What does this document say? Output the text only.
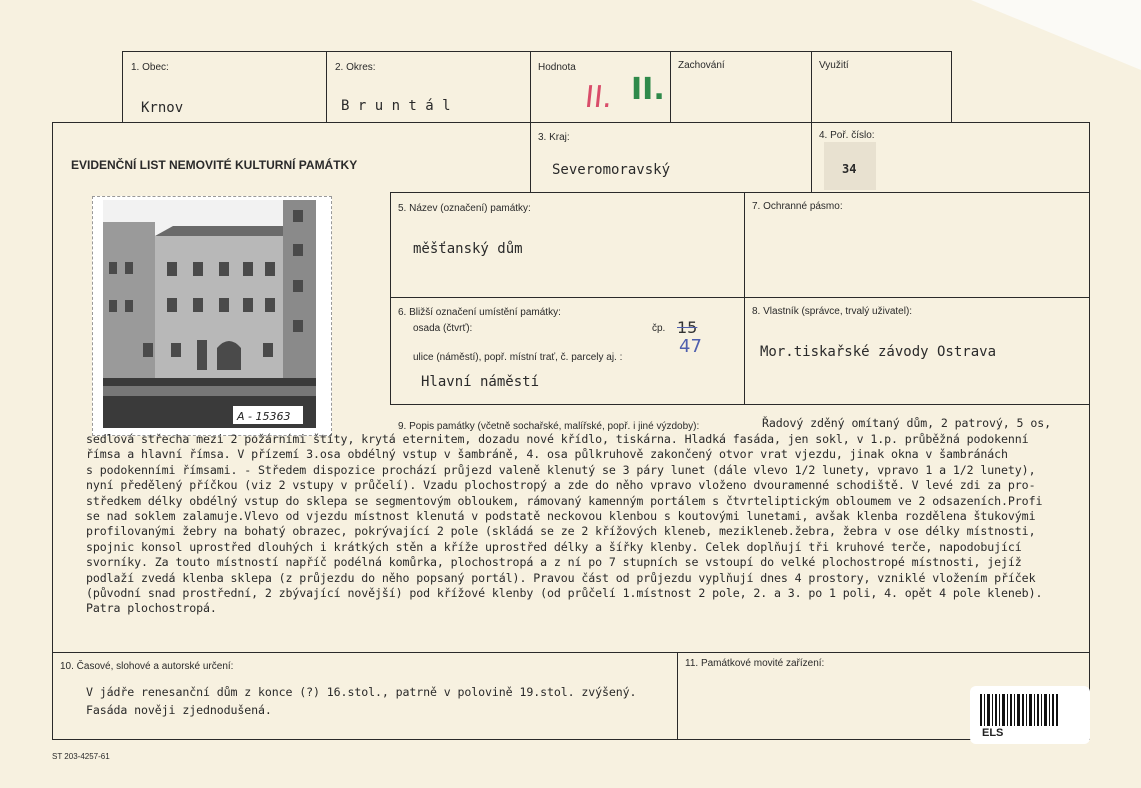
1. Obec:
Krnov
2. Okres:
B r u n t á l
Hodnota
II. II.
Zachování	Využití
EVIDENČNÍ LIST NEMOVITÉ KULTURNÍ PAMÁTKY
3. Kraj:
Severomoravský
4. Poř. číslo:
34
A - 15363
5. Název (označení) památky:
měšťanský dům
7. Ochranné pásmo:
6. Bližší označení umístění památky:
osada (čtvrť):	čp. 15
47
ulice (náměstí), popř. místní trať, č. parcely aj. :
Hlavní náměstí
8. Vlastník (správce, trvalý uživatel):
Mor.tiskařské závody Ostrava
9. Popis památky (včetně sochařské, malířské, popř. i jiné výzdoby):	Řadový zděný omítaný dům, 2 patrový, 5 os,
sedlová střecha mezi 2 požárními štíty, krytá eternitem, dozadu nové křídlo, tiskárna. Hladká fasáda, jen sokl, v 1.p. průběžná podokenní
římsa a hlavní římsa. V přízemí 3.osa obdélný vstup v šambráně, 4. osa půlkruhově zakončený otvor vrat vjezdu, jinak okna v šambránách
s podokenními římsami. - Středem dispozice prochází průjezd valeně klenutý se 3 páry lunet (dále vlevo 1/2 lunety, vpravo 1 a 1/2 lunety),
nyní předělený příčkou (viz 2 vstupy v průčelí). Vzadu plochostropý a zde do něho vpravo vloženo dvouramenné schodiště. V levé zdi za pro-
středkem délky obdélný vstup do sklepa se segmentovým obloukem, rámovaný kamenným portálem s čtvrteliptickým obloumem ve 2 odsazeních.Profi
se nad soklem zalamuje.Vlevo od vjezdu místnost klenutá v podstatě neckovou klenbou s koutovými lunetami, avšak klenba rozdělena štukovými
profilovanými žebry na bohatý obrazec, pokrývající 2 pole (skládá se ze 2 křížových kleneb, mezikleneb.žebra, žebra v ose délky místnosti,
spojnic konsol uprostřed dlouhých i krátkých stěn a kříže uprostřed délky a šířky klenby. Celek doplňují tři kruhové terče, napodobující
svorníky. Za touto místností napříč podélná komůrka, plochostropá a z ní po 7 stupních se vstoupí do velké plochostropé místnosti, jejíž
podlaží zvedá klenba sklepa (z průjezdu do něho popsaný portál). Pravou část od průjezdu vyplňují dnes 4 prostory, vzniklé vložením příček
(původní snad prostřední, 2 zbývající novější) pod křížové klenby (od průčelí 1.místnost 2 pole, 2. a 3. po 1 poli, 4. opět 4 pole kleneb).
Patra plochostropá.
10. Časové, slohové a autorské určení:
V jádře renesanční dům z konce (?) 16.stol., patrně v polovině 19.stol. zvýšený.
Fasáda nověji zjednodušená.
11. Památkové movité zařízení:
ELS
ST 203-4257-61
